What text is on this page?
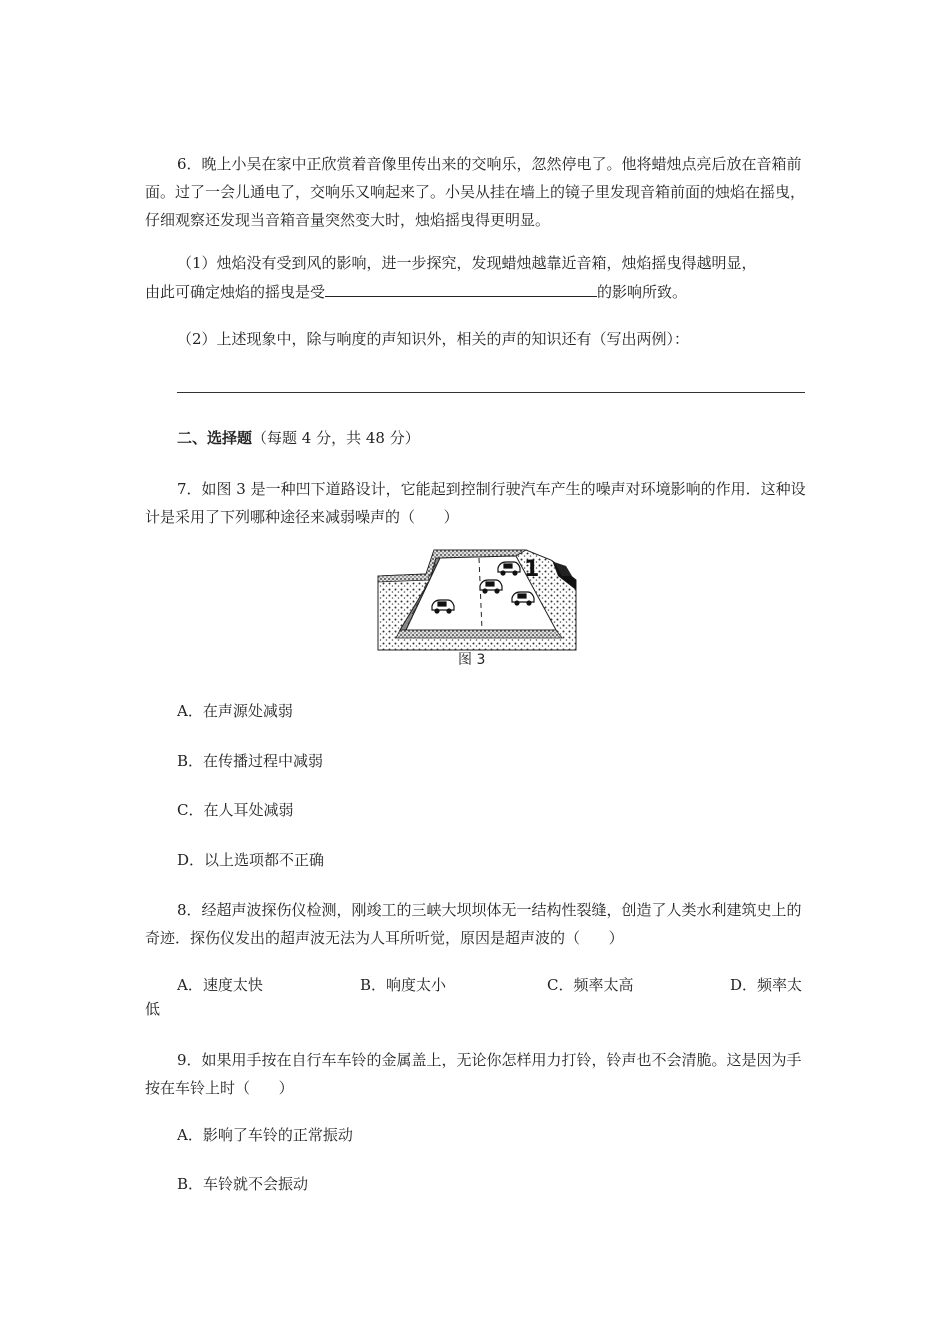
6．晚上小吴在家中正欣赏着音像里传出来的交响乐，忽然停电了。他将蜡烛点亮后放在音箱前面。过了一会儿通电了，交响乐又响起来了。小吴从挂在墙上的镜子里发现音箱前面的烛焰在摇曳，仔细观察还发现当音箱音量突然变大时，烛焰摇曳得更明显。
（1）烛焰没有受到风的影响，进一步探究，发现蜡烛越靠近音箱，烛焰摇曳得越明显，
由此可确定烛焰的摇曳是受	的影响所致。
（2）上述现象中，除与响度的声知识外，相关的声的知识还有（写出两例）：
二、选择题（每题 4 分，共 48 分）
7．如图 3 是一种凹下道路设计，它能起到控制行驶汽车产生的噪声对环境影响的作用．这种设计是采用了下列哪种途径来减弱噪声的（      ）
1
图 3
A．在声源处减弱
B．在传播过程中减弱
C．在人耳处减弱
D．以上选项都不正确
8．经超声波探伤仪检测，刚竣工的三峡大坝坝体无一结构性裂缝，创造了人类水利建筑史上的奇迹．探伤仪发出的超声波无法为人耳所听觉，原因是超声波的（      ）
A．速度太快	B．响度太小	C．频率太高	D．频率太
低
9．如果用手按在自行车车铃的金属盖上，无论你怎样用力打铃，铃声也不会清脆。这是因为手按在车铃上时（      ）
A．影响了车铃的正常振动
B．车铃就不会振动
